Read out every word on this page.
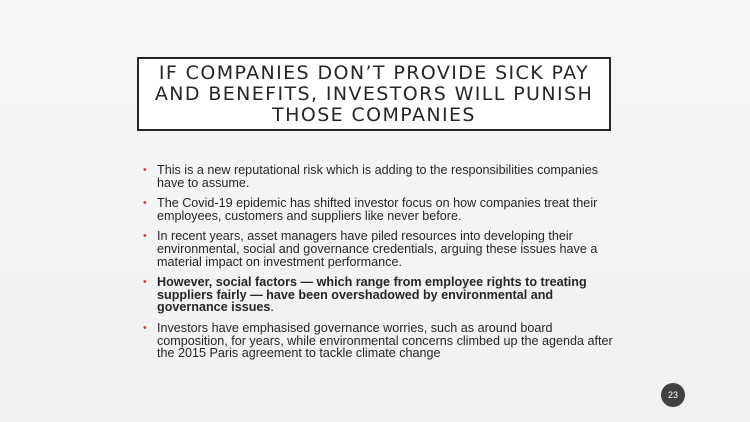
IF COMPANIES DON’T PROVIDE SICK PAY AND BENEFITS, INVESTORS WILL PUNISH THOSE COMPANIES
• This is a new reputational risk which is adding to the responsibilities companies have to assume.
• The Covid-19 epidemic has shifted investor focus on how companies treat their employees, customers and suppliers like never before.
• In recent years, asset managers have piled resources into developing their environmental, social and governance credentials, arguing these issues have a material impact on investment performance.
• However, social factors — which range from employee rights to treating suppliers fairly — have been overshadowed by environmental and governance issues.
• Investors have emphasised governance worries, such as around board composition, for years, while environmental concerns climbed up the agenda after the 2015 Paris agreement to tackle climate change
23
